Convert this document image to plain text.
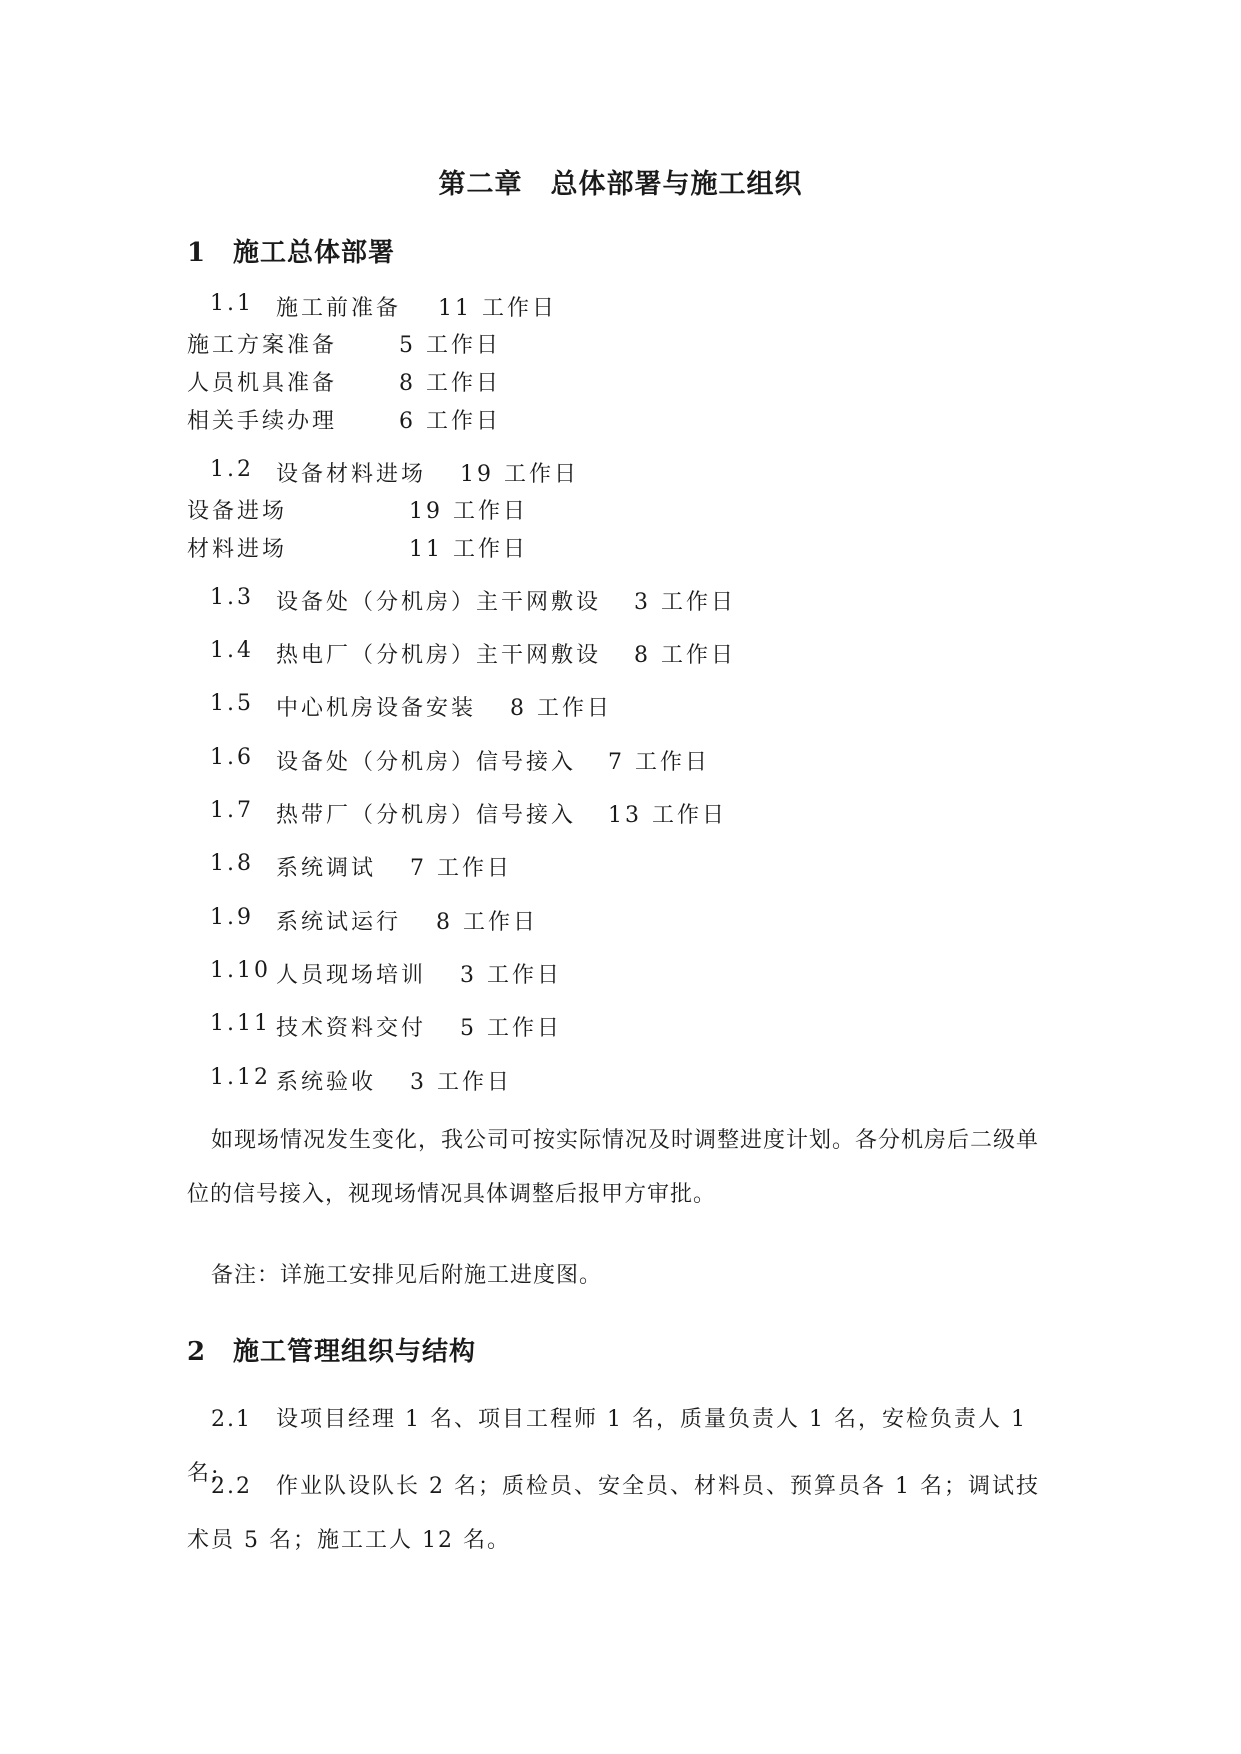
第二章 总体部署与施工组织
1 施工总体部署
1.1 施工前准备 11 工作日
施工方案准备	5 工作日
人员机具准备	8 工作日
相关手续办理	6 工作日
1.2 设备材料进场 19 工作日
设备进场	19 工作日
材料进场	11 工作日
1.3 设备处（分机房）主干网敷设 3 工作日
1.4 热电厂（分机房）主干网敷设 8 工作日
1.5 中心机房设备安装 8 工作日
1.6 设备处（分机房）信号接入 7 工作日
1.7 热带厂（分机房）信号接入 13 工作日
1.8 系统调试 7 工作日
1.9 系统试运行 8 工作日
1.10 人员现场培训 3 工作日
1.11 技术资料交付 5 工作日
1.12 系统验收 3 工作日
如现场情况发生变化，我公司可按实际情况及时调整进度计划。各分机房后二级单位的信号接入，视现场情况具体调整后报甲方审批。
备注：详施工安排见后附施工进度图。
2 施工管理组织与结构
2.1 设项目经理 1 名、项目工程师 1 名，质量负责人 1 名，安检负责人 1 名;
2.2 作业队设队长 2 名；质检员、安全员、材料员、预算员各 1 名；调试技术员 5 名；施工工人 12 名。
